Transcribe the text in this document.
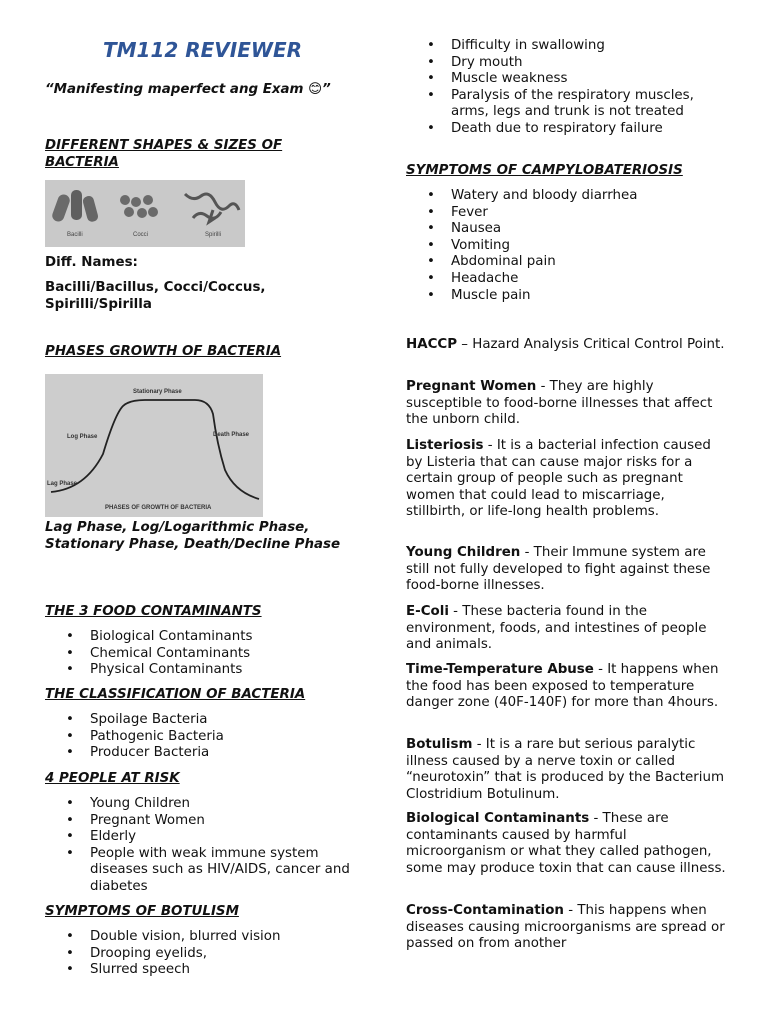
TM112 REVIEWER
“Manifesting maperfect ang Exam 😊”
DIFFERENT SHAPES & SIZES OF BACTERIA
Bacilli	Cocci	Spirilli
Diff. Names:
Bacilli/Bacillus, Cocci/Coccus, Spirilli/Spirilla
PHASES GROWTH OF BACTERIA
Stationary Phase
Log Phase	Death Phase
Lag Phase
PHASES OF GROWTH OF BACTERIA
Lag Phase, Log/Logarithmic Phase, Stationary Phase, Death/Decline Phase
THE 3 FOOD CONTAMINANTS
• Biological Contaminants
• Chemical Contaminants
• Physical Contaminants
THE CLASSIFICATION OF BACTERIA
• Spoilage Bacteria
• Pathogenic Bacteria
• Producer Bacteria
4 PEOPLE AT RISK
• Young Children
• Pregnant Women
• Elderly
• People with weak immune system diseases such as HIV/AIDS, cancer and diabetes
SYMPTOMS OF BOTULISM
• Double vision, blurred vision
• Drooping eyelids,
• Slurred speech
• Difficulty in swallowing
• Dry mouth
• Muscle weakness
• Paralysis of the respiratory muscles, arms, legs and trunk is not treated
• Death due to respiratory failure
SYMPTOMS OF CAMPYLOBATERIOSIS
• Watery and bloody diarrhea
• Fever
• Nausea
• Vomiting
• Abdominal pain
• Headache
• Muscle pain
HACCP – Hazard Analysis Critical Control Point.
Pregnant Women - They are highly susceptible to food-borne illnesses that affect the unborn child.
Listeriosis - It is a bacterial infection caused by Listeria that can cause major risks for a certain group of people such as pregnant women that could lead to miscarriage, stillbirth, or life-long health problems.
Young Children - Their Immune system are still not fully developed to fight against these food-borne illnesses.
E-Coli - These bacteria found in the environment, foods, and intestines of people and animals.
Time-Temperature Abuse - It happens when the food has been exposed to temperature danger zone (40F-140F) for more than 4hours.
Botulism - It is a rare but serious paralytic illness caused by a nerve toxin or called “neurotoxin” that is produced by the Bacterium Clostridium Botulinum.
Biological Contaminants - These are contaminants caused by harmful microorganism or what they called pathogen, some may produce toxin that can cause illness.
Cross-Contamination - This happens when diseases causing microorganisms are spread or passed on from another
